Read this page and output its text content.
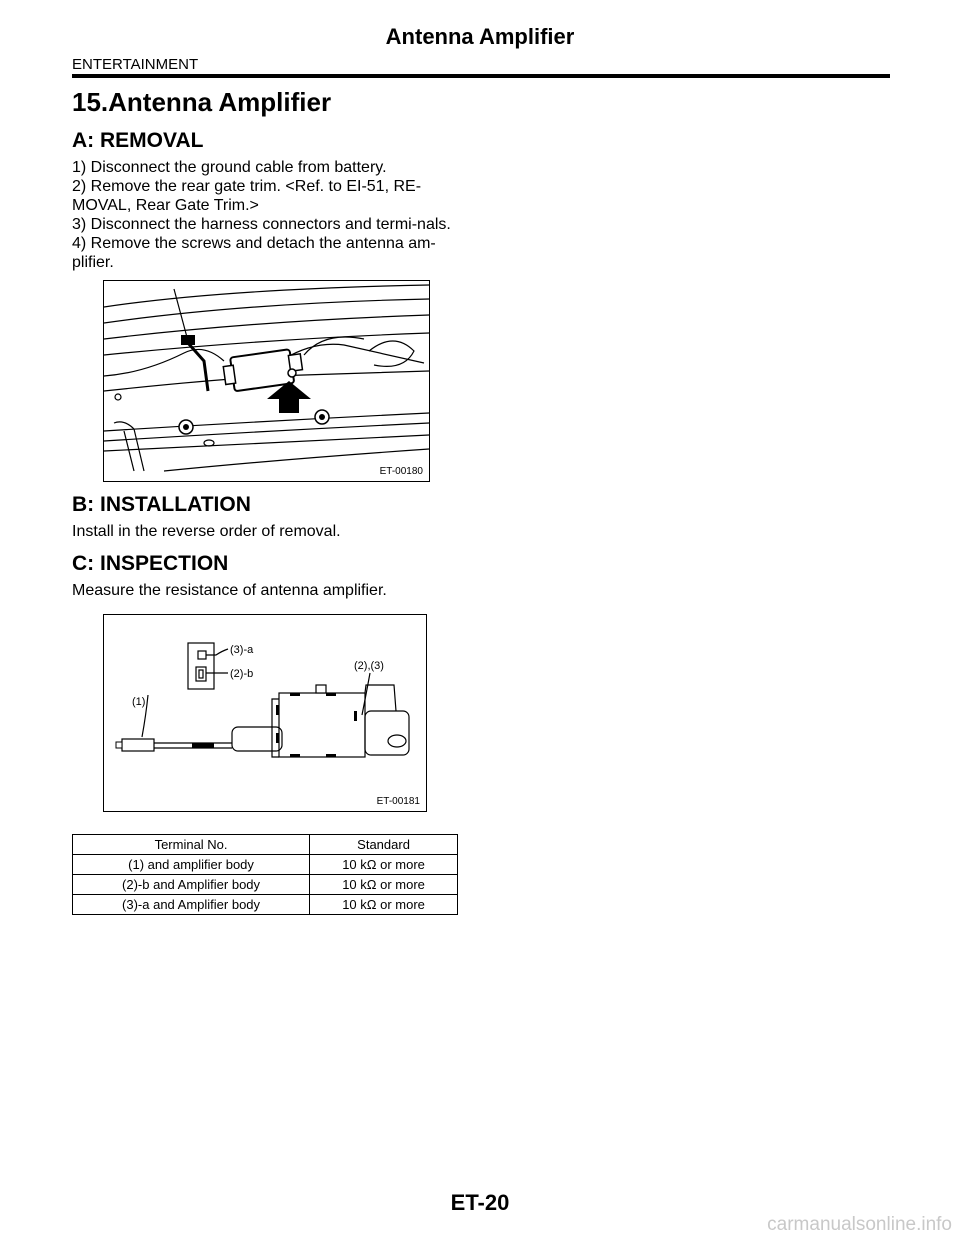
Antenna Amplifier
ENTERTAINMENT
15.Antenna Amplifier
A: REMOVAL

1) Disconnect the ground cable from battery.

2) Remove the rear gate trim. <Ref. to EI-51, RE-MOVAL, Rear Gate Trim.>

3) Disconnect the harness connectors and termi-nals.

4) Remove the screws and detach the antenna am-plifier.

ET-00180
B: INSTALLATION

Install in the reverse order of removal.

C: INSPECTION

Measure the resistance of antenna amplifier.

(3)-a
(2)-b
(2),(3)
(1)
ET-00181
Terminal No.	Standard
(1) and amplifier body	10 kΩ or more
(2)-b and Amplifier body	10 kΩ or more
(3)-a and Amplifier body	10 kΩ or more
ET-20
carmanualsonline.info
